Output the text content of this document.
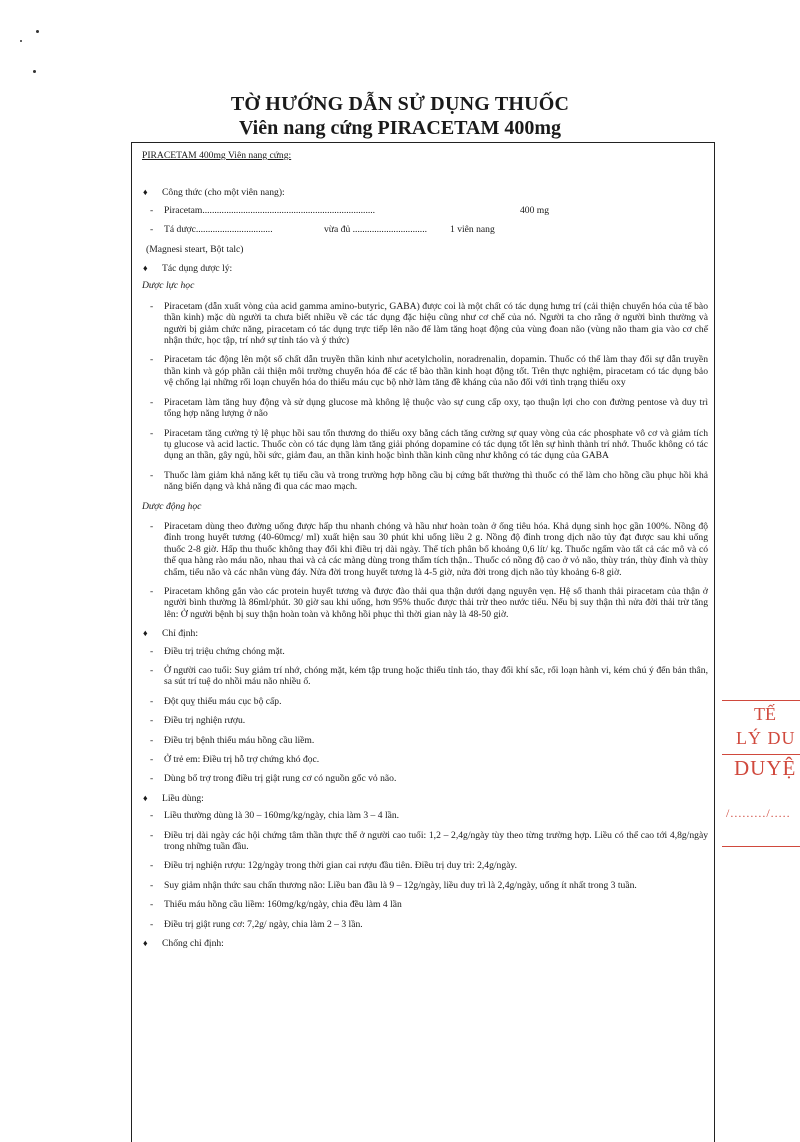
TỜ HƯỚNG DẪN SỬ DỤNG THUỐC
Viên nang cứng PIRACETAM 400mg
PIRACETAM 400mg Viên nang cứng:
♦ Công thức (cho một viên nang):
- Piracetam........................................................................	400 mg
- Tá dược................................	vừa đủ ............................... 1 viên nang
(Magnesi steart, Bột talc)
♦ Tác dụng dược lý:
Dược lực học
- Piracetam (dẫn xuất vòng của acid gamma amino-butyric, GABA) được coi là một chất có tác dụng hưng trí (cải thiện chuyển hóa của tế bào thần kinh) mặc dù người ta chưa biết nhiều về các tác dụng đặc hiệu cũng như cơ chế của nó. Người ta cho rằng ở người bình thường và người bị giảm chức năng, piracetam có tác dụng trực tiếp lên não để làm tăng hoạt động của vùng đoan não (vùng não tham gia vào cơ chế nhận thức, học tập, trí nhớ sự tỉnh táo và ý thức)
- Piracetam tác động lên một số chất dẫn truyền thần kinh như acetylcholin, noradrenalin, dopamin. Thuốc có thể làm thay đổi sự dẫn truyền thần kinh và góp phần cải thiện môi trường chuyển hóa để các tế bào thần kinh hoạt động tốt. Trên thực nghiệm, piracetam có tác dụng bảo vệ chống lại những rối loạn chuyển hóa do thiếu máu cục bộ nhờ làm tăng đề kháng của não đối với tình trạng thiếu oxy
- Piracetam làm tăng huy động và sử dụng glucose mà không lệ thuộc vào sự cung cấp oxy, tạo thuận lợi cho con đường pentose và duy trì tổng hợp năng lượng ở não
- Piracetam tăng cường tỷ lệ phục hồi sau tổn thương do thiếu oxy bằng cách tăng cường sự quay vòng của các phosphate vô cơ và giảm tích tụ glucose và acid lactic. Thuốc còn có tác dụng làm tăng giải phóng dopamine có tác dụng tốt lên sự hình thành trí nhớ. Thuốc không có tác dụng an thần, gây ngủ, hồi sức, giảm đau, an thần kinh hoặc bình thần kinh cũng như không có tác dụng của GABA
- Thuốc làm giảm khả năng kết tụ tiểu cầu và trong trường hợp hồng cầu bị cứng bất thường thì thuốc có thể làm cho hồng cầu phục hồi khả năng biến dạng và khả năng đi qua các mao mạch.
Dược động học
- Piracetam dùng theo đường uống được hấp thu nhanh chóng và hầu như hoàn toàn ở ống tiêu hóa. Khả dụng sinh học gần 100%. Nồng độ đỉnh trong huyết tương (40-60mcg/ ml) xuất hiện sau 30 phút khi uống liều 2 g. Nồng độ đỉnh trong dịch não tủy đạt được sau khi uống thuốc 2-8 giờ. Hấp thu thuốc không thay đổi khi điều trị dài ngày. Thể tích phân bố khoảng 0,6 lít/ kg. Thuốc ngấm vào tất cả các mô và có thể qua hàng rào máu não, nhau thai và cả các màng dùng trong thẩm tích thận.. Thuốc có nồng độ cao ở vỏ não, thùy trán, thùy đỉnh và thùy chẩm, tiểu não và các nhân vùng đáy. Nửa đời trong huyết tương là 4-5 giờ, nửa đời trong dịch não tủy khoảng 6-8 giờ.
- Piracetam không gắn vào các protein huyết tương và được đào thải qua thận dưới dạng nguyên vẹn. Hệ số thanh thải piracetam của thận ở người bình thường là 86ml/phút. 30 giờ sau khi uống, hơn 95% thuốc được thải trừ theo nước tiểu. Nếu bị suy thận thì nửa đời thải trừ tăng lên: Ở người bệnh bị suy thận hoàn toàn và không hồi phục thì thời gian này là 48-50 giờ.
♦ Chỉ định:
- Điều trị triệu chứng chóng mặt.
- Ở người cao tuổi: Suy giảm trí nhớ, chóng mặt, kém tập trung hoặc thiếu tỉnh táo, thay đổi khí sắc, rối loạn hành vi, kém chú ý đến bản thân, sa sút trí tuệ do nhồi máu não nhiều ổ.
- Đột quỵ thiếu máu cục bộ cấp.
- Điều trị nghiện rượu.
- Điều trị bệnh thiếu máu hồng cầu liềm.
- Ở trẻ em: Điều trị hỗ trợ chứng khó đọc.
- Dùng bổ trợ trong điều trị giật rung cơ có nguồn gốc vỏ não.
♦ Liều dùng:
- Liều thường dùng là 30 – 160mg/kg/ngày, chia làm 3 – 4 lần.
- Điều trị dài ngày các hội chứng tâm thần thực thể ở người cao tuổi: 1,2 – 2,4g/ngày tùy theo từng trường hợp. Liều có thể cao tới 4,8g/ngày trong những tuần đầu.
- Điều trị nghiện rượu: 12g/ngày trong thời gian cai rượu đầu tiên. Điều trị duy trì: 2,4g/ngày.
- Suy giảm nhận thức sau chấn thương não: Liều ban đầu là 9 – 12g/ngày, liều duy trì là 2,4g/ngày, uống ít nhất trong 3 tuần.
- Thiếu máu hồng cầu liềm: 160mg/kg/ngày, chia đều làm 4 lần
- Điều trị giật rung cơ: 7,2g/ ngày, chia làm 2 – 3 lần.
♦ Chống chỉ định:
TẾ
LÝ DU
DUYỆ
/........./.....
